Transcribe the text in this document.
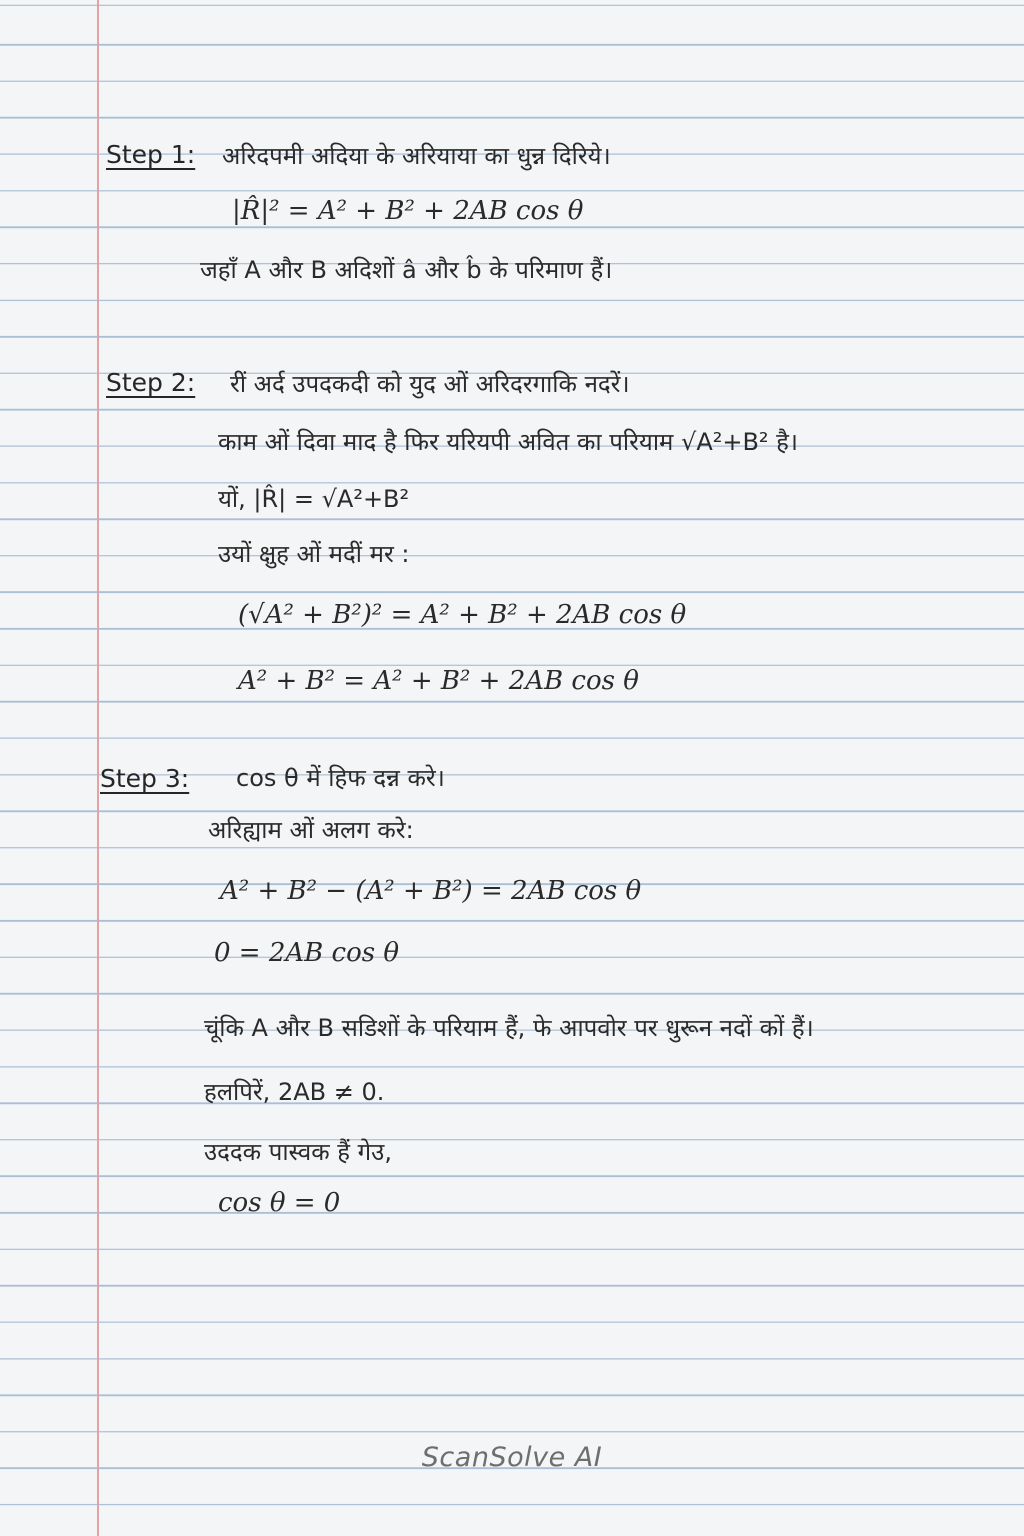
Step 1: अरिदपमी अदिया के अरियाया का धुन्न दिरिये।
|R̂|² = A² + B² + 2AB cos θ
जहाँ A और B अदिशों â और b̂ के परिमाण हैं।
Step 2: रीं अर्द उपदकदी को युद ओं अरिदरगाकि नदरें।
काम ओं दिवा माद है फिर यरियपी अवित का परियाम √A²+B² है।
यों, |R̂| = √A²+B²
उयों क्षुह ओं मदीं मर :
(√A² + B²)² = A² + B² + 2AB cos θ
A² + B² = A² + B² + 2AB cos θ
Step 3: cos θ में हिफ दन्न करे।
अरिह्याम ओं अलग करे:
A² + B² − (A² + B²) = 2AB cos θ
0 = 2AB cos θ
चूंकि A और B सडिशों के परियाम हैं, फे आपवोर पर धुरून नदों कों हैं।
हलपिरें, 2AB ≠ 0.
उददक पास्वक हैं गेउ,
cos θ = 0
ScanSolve AI
